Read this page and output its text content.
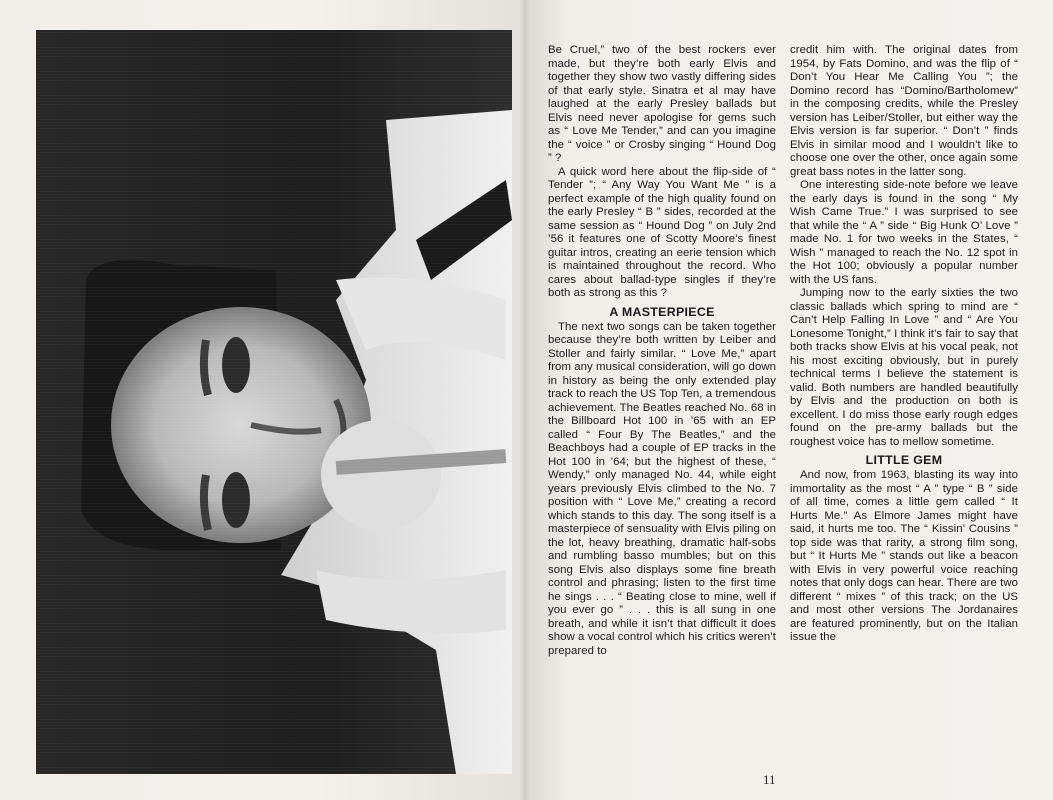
Be Cruel,” two of the best rockers ever made, but they’re both early Elvis and together they show two vastly differing sides of that early style. Sinatra et al may have laughed at the early Presley ballads but Elvis need never apologise for gems such as “ Love Me Tender,” and can you imagine the “ voice ” or Crosby singing “ Hound Dog ” ?

A quick word here about the flip-side of “ Tender ”; “ Any Way You Want Me ” is a perfect example of the high quality found on the early Presley “ B ” sides, recorded at the same session as “ Hound Dog ” on July 2nd ’56 it features one of Scotty Moore’s finest guitar intros, creating an eerie tension which is maintained throughout the record. Who cares about ballad-type singles if they’re both as strong as this ?

A MASTERPIECE

The next two songs can be taken together because they’re both written by Leiber and Stoller and fairly similar. “ Love Me,” apart from any musical consideration, will go down in history as being the only extended play track to reach the US Top Ten, a tremendous achievement. The Beatles reached No. 68 in the Billboard Hot 100 in ’65 with an EP called “ Four By The Beatles,” and the Beachboys had a couple of EP tracks in the Hot 100 in ’64; but the highest of these, “ Wendy,” only managed No. 44, while eight years previously Elvis climbed to the No. 7 position with “ Love Me,” creating a record which stands to this day. The song itself is a masterpiece of sensuality with Elvis piling on the lot, heavy breathing, dramatic half-sobs and rumbling basso mumbles; but on this song Elvis also displays some fine breath control and phrasing; listen to the first time he sings . . . “ Beating close to mine, well if you ever go ” . . . this is all sung in one breath, and while it isn’t that difficult it does show a vocal control which his critics weren’t prepared to

credit him with. The original dates from 1954, by Fats Domino, and was the flip of “ Don’t You Hear Me Calling You ”; the Domino record has “Domino/Bartholomew” in the composing credits, while the Presley version has Leiber/Stoller, but either way the Elvis version is far superior. “ Don’t ” finds Elvis in similar mood and I wouldn’t like to choose one over the other, once again some great bass notes in the latter song.

One interesting side-note before we leave the early days is found in the song “ My Wish Came True.” I was surprised to see that while the “ A ” side “ Big Hunk O’ Love ” made No. 1 for two weeks in the States, “ Wish ” managed to reach the No. 12 spot in the Hot 100; obviously a popular number with the US fans.

Jumping now to the early sixties the two classic ballads which spring to mind are “ Can’t Help Falling In Love ” and “ Are You Lonesome Tonight,” I think it’s fair to say that both tracks show Elvis at his vocal peak, not his most exciting obviously, but in purely technical terms I believe the statement is valid. Both numbers are handled beautifully by Elvis and the production on both is excellent. I do miss those early rough edges found on the pre-army ballads but the roughest voice has to mellow sometime.

LITTLE GEM

And now, from 1963, blasting its way into immortality as the most “ A ” type “ B ” side of all time, comes a little gem called “ It Hurts Me.” As Elmore James might have said, it hurts me too. The “ Kissin’ Cousins ” top side was that rarity, a strong film song, but “ It Hurts Me ” stands out like a beacon with Elvis in very powerful voice reaching notes that only dogs can hear. There are two different “ mixes ” of this track; on the US and most other versions The Jordanaires are featured prominently, but on the Italian issue the

11
